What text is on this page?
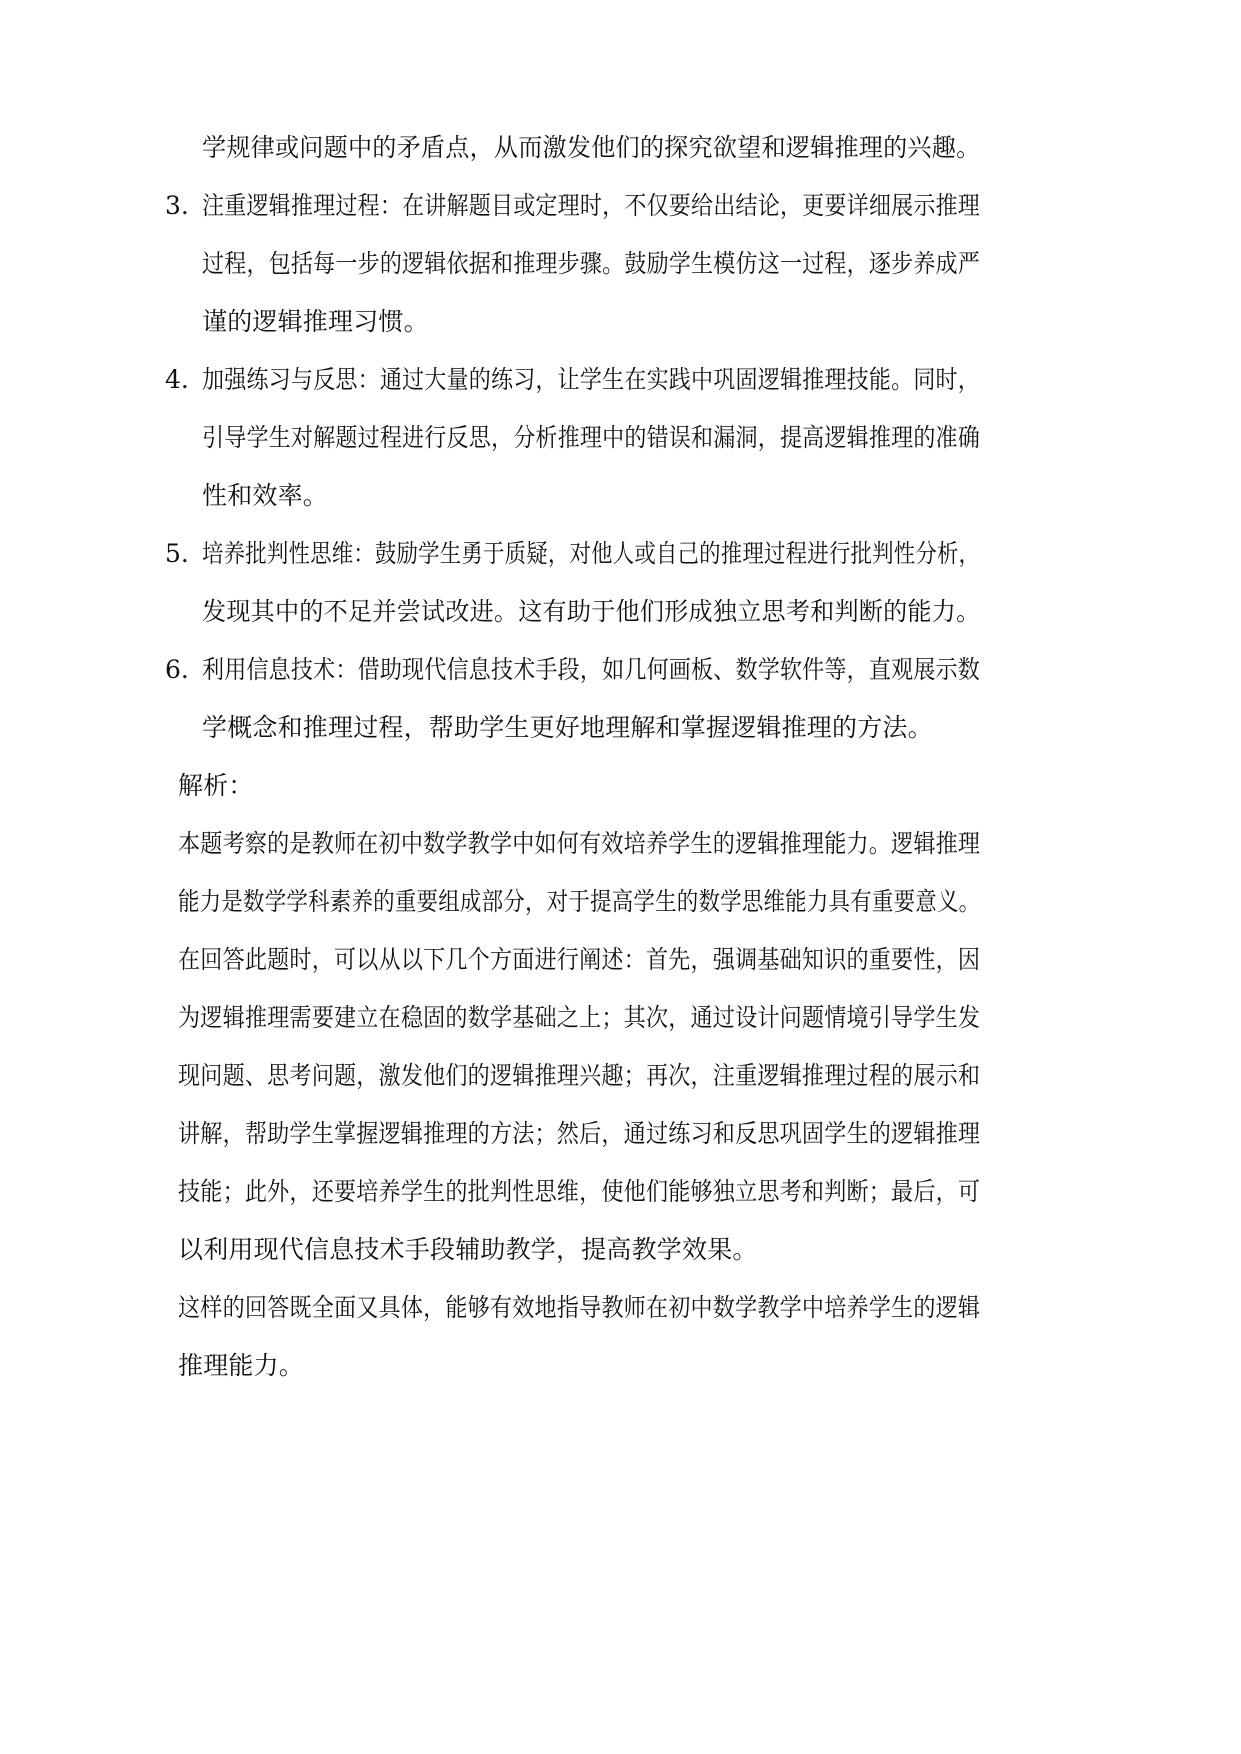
学规律或问题中的矛盾点，从而激发他们的探究欲望和逻辑推理的兴趣。
3. 注重逻辑推理过程：在讲解题目或定理时，不仅要给出结论，更要详细展示推理
过程，包括每一步的逻辑依据和推理步骤。鼓励学生模仿这一过程，逐步养成严
谨的逻辑推理习惯。
4. 加强练习与反思：通过大量的练习，让学生在实践中巩固逻辑推理技能。同时，
引导学生对解题过程进行反思，分析推理中的错误和漏洞，提高逻辑推理的准确
性和效率。
5. 培养批判性思维：鼓励学生勇于质疑，对他人或自己的推理过程进行批判性分析，
发现其中的不足并尝试改进。这有助于他们形成独立思考和判断的能力。
6. 利用信息技术：借助现代信息技术手段，如几何画板、数学软件等，直观展示数
学概念和推理过程，帮助学生更好地理解和掌握逻辑推理的方法。
解析：
本题考察的是教师在初中数学教学中如何有效培养学生的逻辑推理能力。逻辑推理
能力是数学学科素养的重要组成部分，对于提高学生的数学思维能力具有重要意义。
在回答此题时，可以从以下几个方面进行阐述：首先，强调基础知识的重要性，因
为逻辑推理需要建立在稳固的数学基础之上；其次，通过设计问题情境引导学生发
现问题、思考问题，激发他们的逻辑推理兴趣；再次，注重逻辑推理过程的展示和
讲解，帮助学生掌握逻辑推理的方法；然后，通过练习和反思巩固学生的逻辑推理
技能；此外，还要培养学生的批判性思维，使他们能够独立思考和判断；最后，可
以利用现代信息技术手段辅助教学，提高教学效果。
这样的回答既全面又具体，能够有效地指导教师在初中数学教学中培养学生的逻辑
推理能力。
